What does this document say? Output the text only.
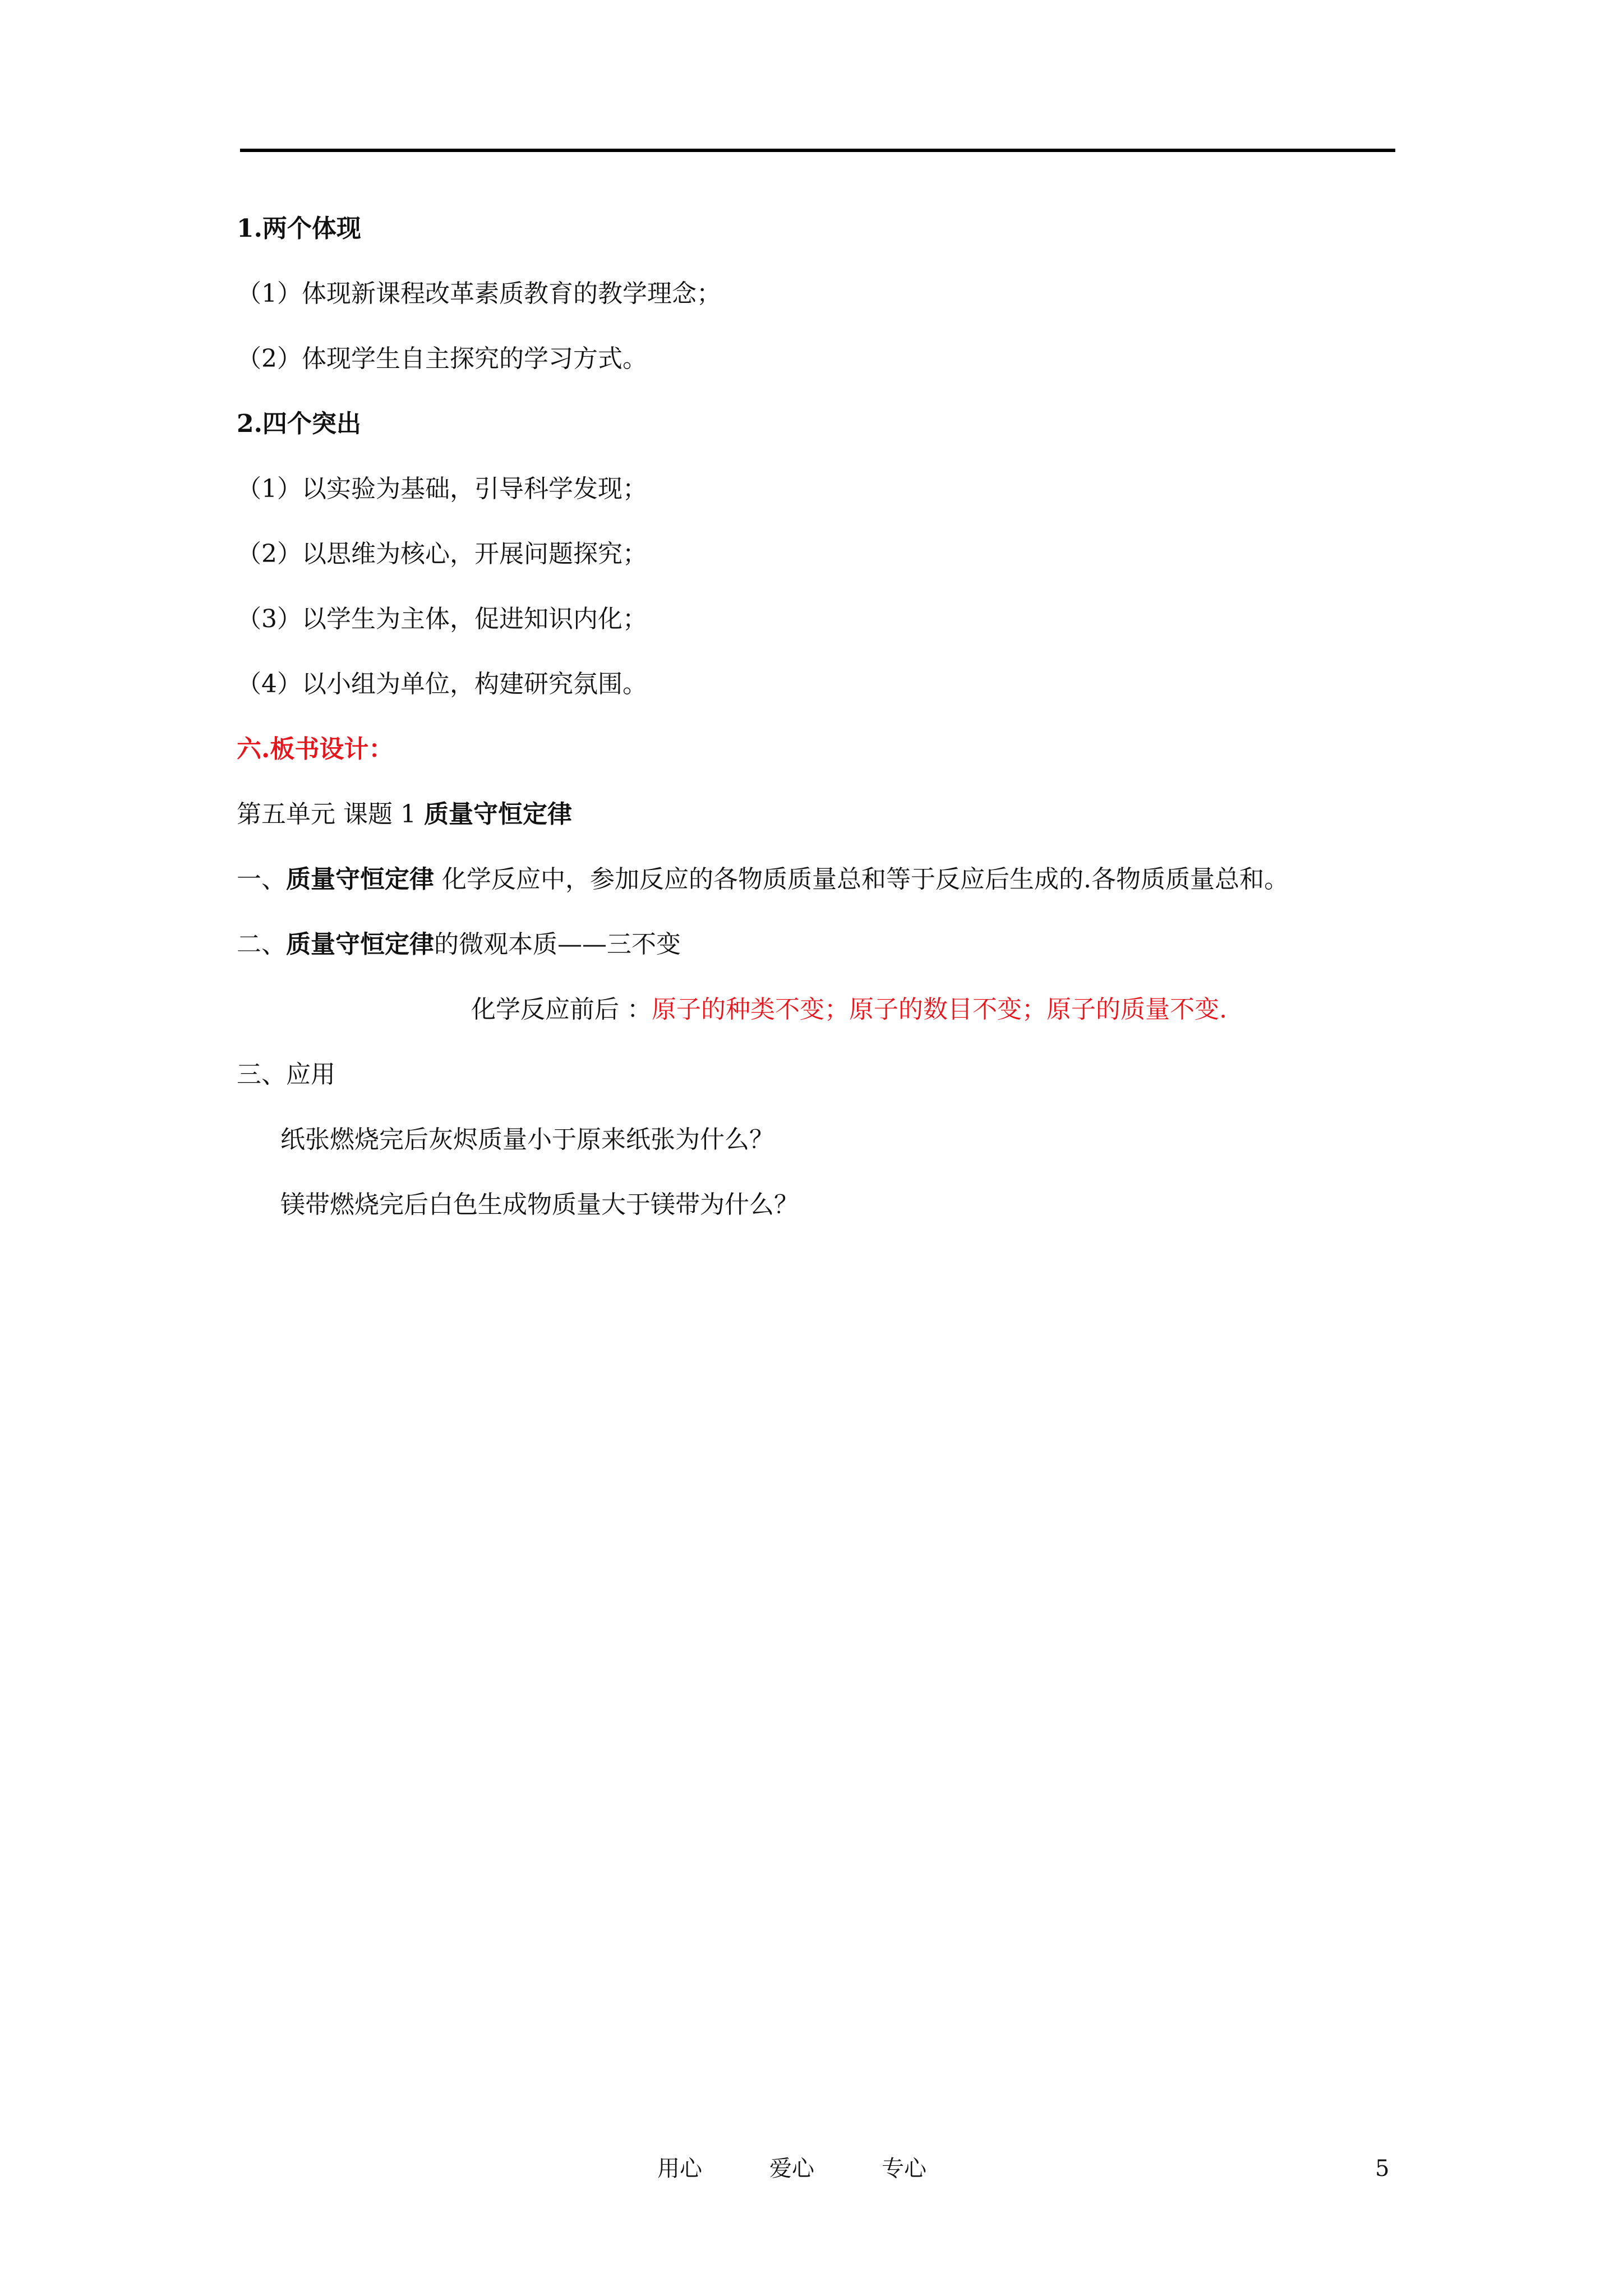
1.两个体现
（1）体现新课程改革素质教育的教学理念；
（2）体现学生自主探究的学习方式。
2.四个突出
（1）以实验为基础，引导科学发现；
（2）以思维为核心，开展问题探究；
（3）以学生为主体，促进知识内化；
（4）以小组为单位，构建研究氛围。
六.板书设计：
第五单元 课题 1 质量守恒定律
一、质量守恒定律 化学反应中，参加反应的各物质质量总和等于反应后生成的.各物质质量总和。
二、质量守恒定律的微观本质——三不变
化学反应前后 ：原子的种类不变；原子的数目不变；原子的质量不变.
三、应用
纸张燃烧完后灰烬质量小于原来纸张为什么？
镁带燃烧完后白色生成物质量大于镁带为什么？
用心	爱心	专心	5
